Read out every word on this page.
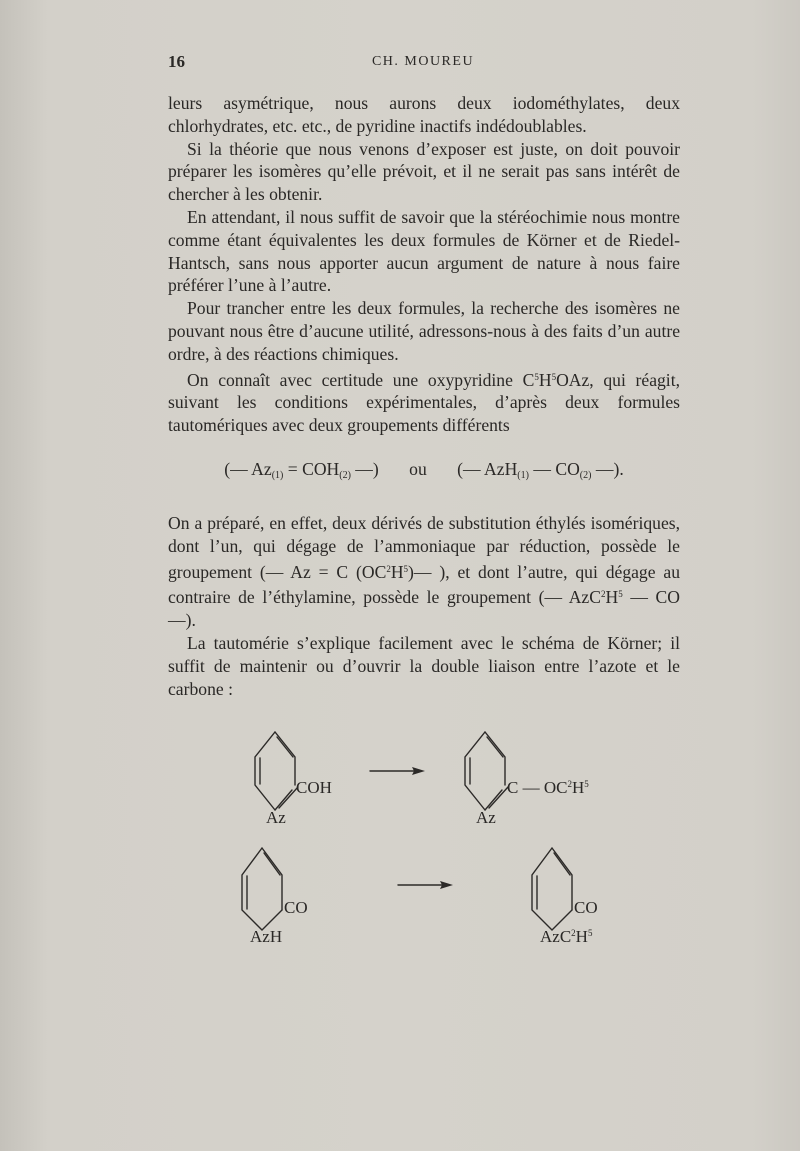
16	CH. MOUREU

leurs asymétrique, nous aurons deux iodométhylates, deux chlorhydrates, etc. etc., de pyridine inactifs indédoublables.

Si la théorie que nous venons d’exposer est juste, on doit pouvoir préparer les isomères qu’elle prévoit, et il ne serait pas sans intérêt de chercher à les obtenir.

En attendant, il nous suffit de savoir que la stéréochimie nous montre comme étant équivalentes les deux formules de Körner et de Riedel-Hantsch, sans nous apporter aucun argument de nature à nous faire préférer l’une à l’autre.

Pour trancher entre les deux formules, la recherche des isomères ne pouvant nous être d’aucune utilité, adressons-nous à des faits d’un autre ordre, à des réactions chimiques.

On connaît avec certitude une oxypyridine $C^5H^5OAz$, qui réagit, suivant les conditions expérimentales, d’après deux formules tautomériques avec deux groupements différents

(— $Az_{(1)} = COH_{(2)}$ —) ou (— AzH$_{(1)}$ — $CO_{(2)}$ —).

On a préparé, en effet, deux dérivés de substitution éthylés isomériques, dont l’un, qui dégage de l’ammoniaque par réduction, possède le groupement (— Az = C $(OC^2H^5)—$ ), et dont l’autre, qui dégage au contraire de l’éthylamine, possède le groupement (— $AzC^2H^5$ — CO —).

La tautomérie s’explique facilement avec le schéma de Körner; il suffit de maintenir ou d’ouvrir la double liaison entre l’azote et le carbone :

COH
Az
C — $OC^2H^5$
Az
CO
AzH
CO
$AzC^2H^5$
